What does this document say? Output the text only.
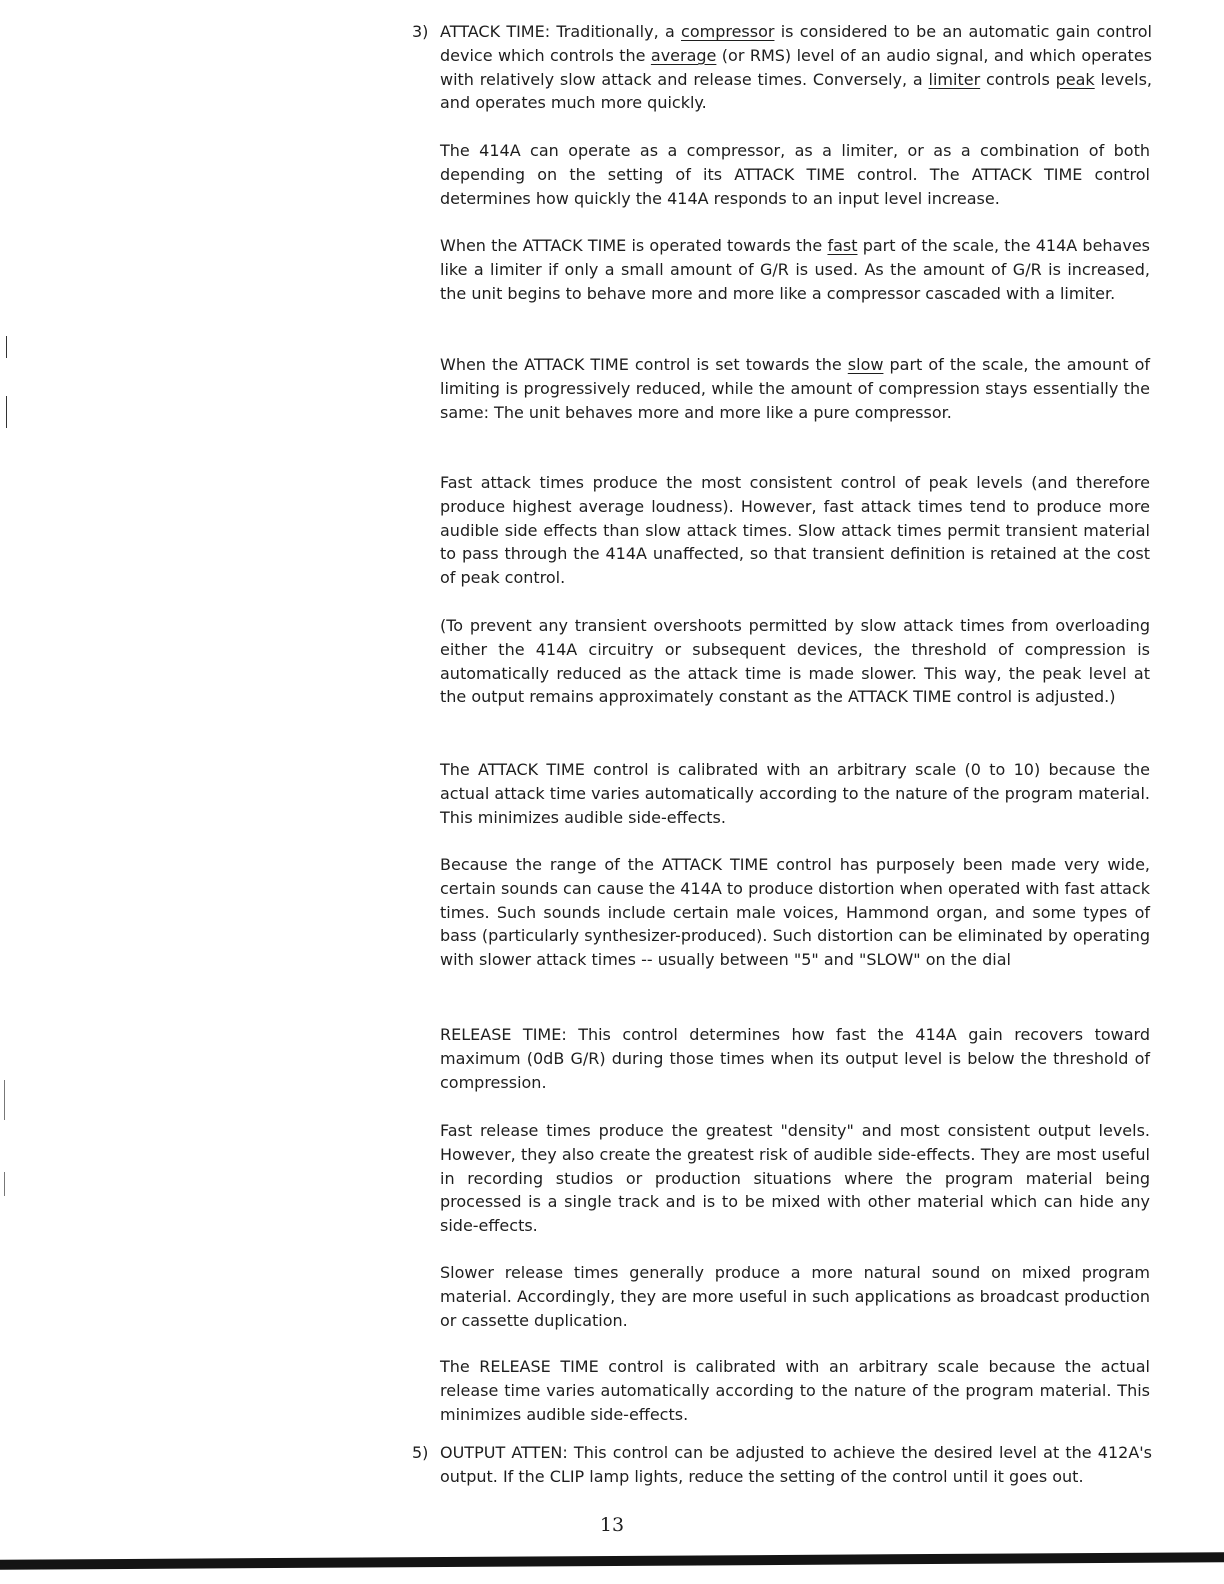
3) ATTACK TIME: Traditionally, a compressor is considered to be an automatic gain control device which controls the average (or RMS) level of an audio signal, and which operates with relatively slow attack and release times. Conversely, a limiter controls peak levels, and operates much more quickly.
The 414A can operate as a compressor, as a limiter, or as a combination of both depending on the setting of its ATTACK TIME control. The ATTACK TIME control determines how quickly the 414A responds to an input level increase.
When the ATTACK TIME is operated towards the fast part of the scale, the 414A behaves like a limiter if only a small amount of G/R is used. As the amount of G/R is increased, the unit begins to behave more and more like a compressor cascaded with a limiter.
When the ATTACK TIME control is set towards the slow part of the scale, the amount of limiting is progressively reduced, while the amount of compression stays essentially the same: The unit behaves more and more like a pure compressor.
Fast attack times produce the most consistent control of peak levels (and therefore produce highest average loudness). However, fast attack times tend to produce more audible side effects than slow attack times. Slow attack times permit transient material to pass through the 414A unaffected, so that transient definition is retained at the cost of peak control.
(To prevent any transient overshoots permitted by slow attack times from overloading either the 414A circuitry or subsequent devices, the threshold of compression is automatically reduced as the attack time is made slower. This way, the peak level at the output remains approximately constant as the ATTACK TIME control is adjusted.)
The ATTACK TIME control is calibrated with an arbitrary scale (0 to 10) because the actual attack time varies automatically according to the nature of the program material. This minimizes audible side-effects.
Because the range of the ATTACK TIME control has purposely been made very wide, certain sounds can cause the 414A to produce distortion when operated with fast attack times. Such sounds include certain male voices, Hammond organ, and some types of bass (particularly synthesizer-produced). Such distortion can be eliminated by operating with slower attack times -- usually between "5" and "SLOW" on the dial
RELEASE TIME: This control determines how fast the 414A gain recovers toward maximum (0dB G/R) during those times when its output level is below the threshold of compression.
Fast release times produce the greatest "density" and most consistent output levels. However, they also create the greatest risk of audible side-effects. They are most useful in recording studios or production situations where the program material being processed is a single track and is to be mixed with other material which can hide any side-effects.
Slower release times generally produce a more natural sound on mixed program material. Accordingly, they are more useful in such applications as broadcast production or cassette duplication.
The RELEASE TIME control is calibrated with an arbitrary scale because the actual release time varies automatically according to the nature of the program material. This minimizes audible side-effects.
5) OUTPUT ATTEN: This control can be adjusted to achieve the desired level at the 412A's output. If the CLIP lamp lights, reduce the setting of the control until it goes out.
13
